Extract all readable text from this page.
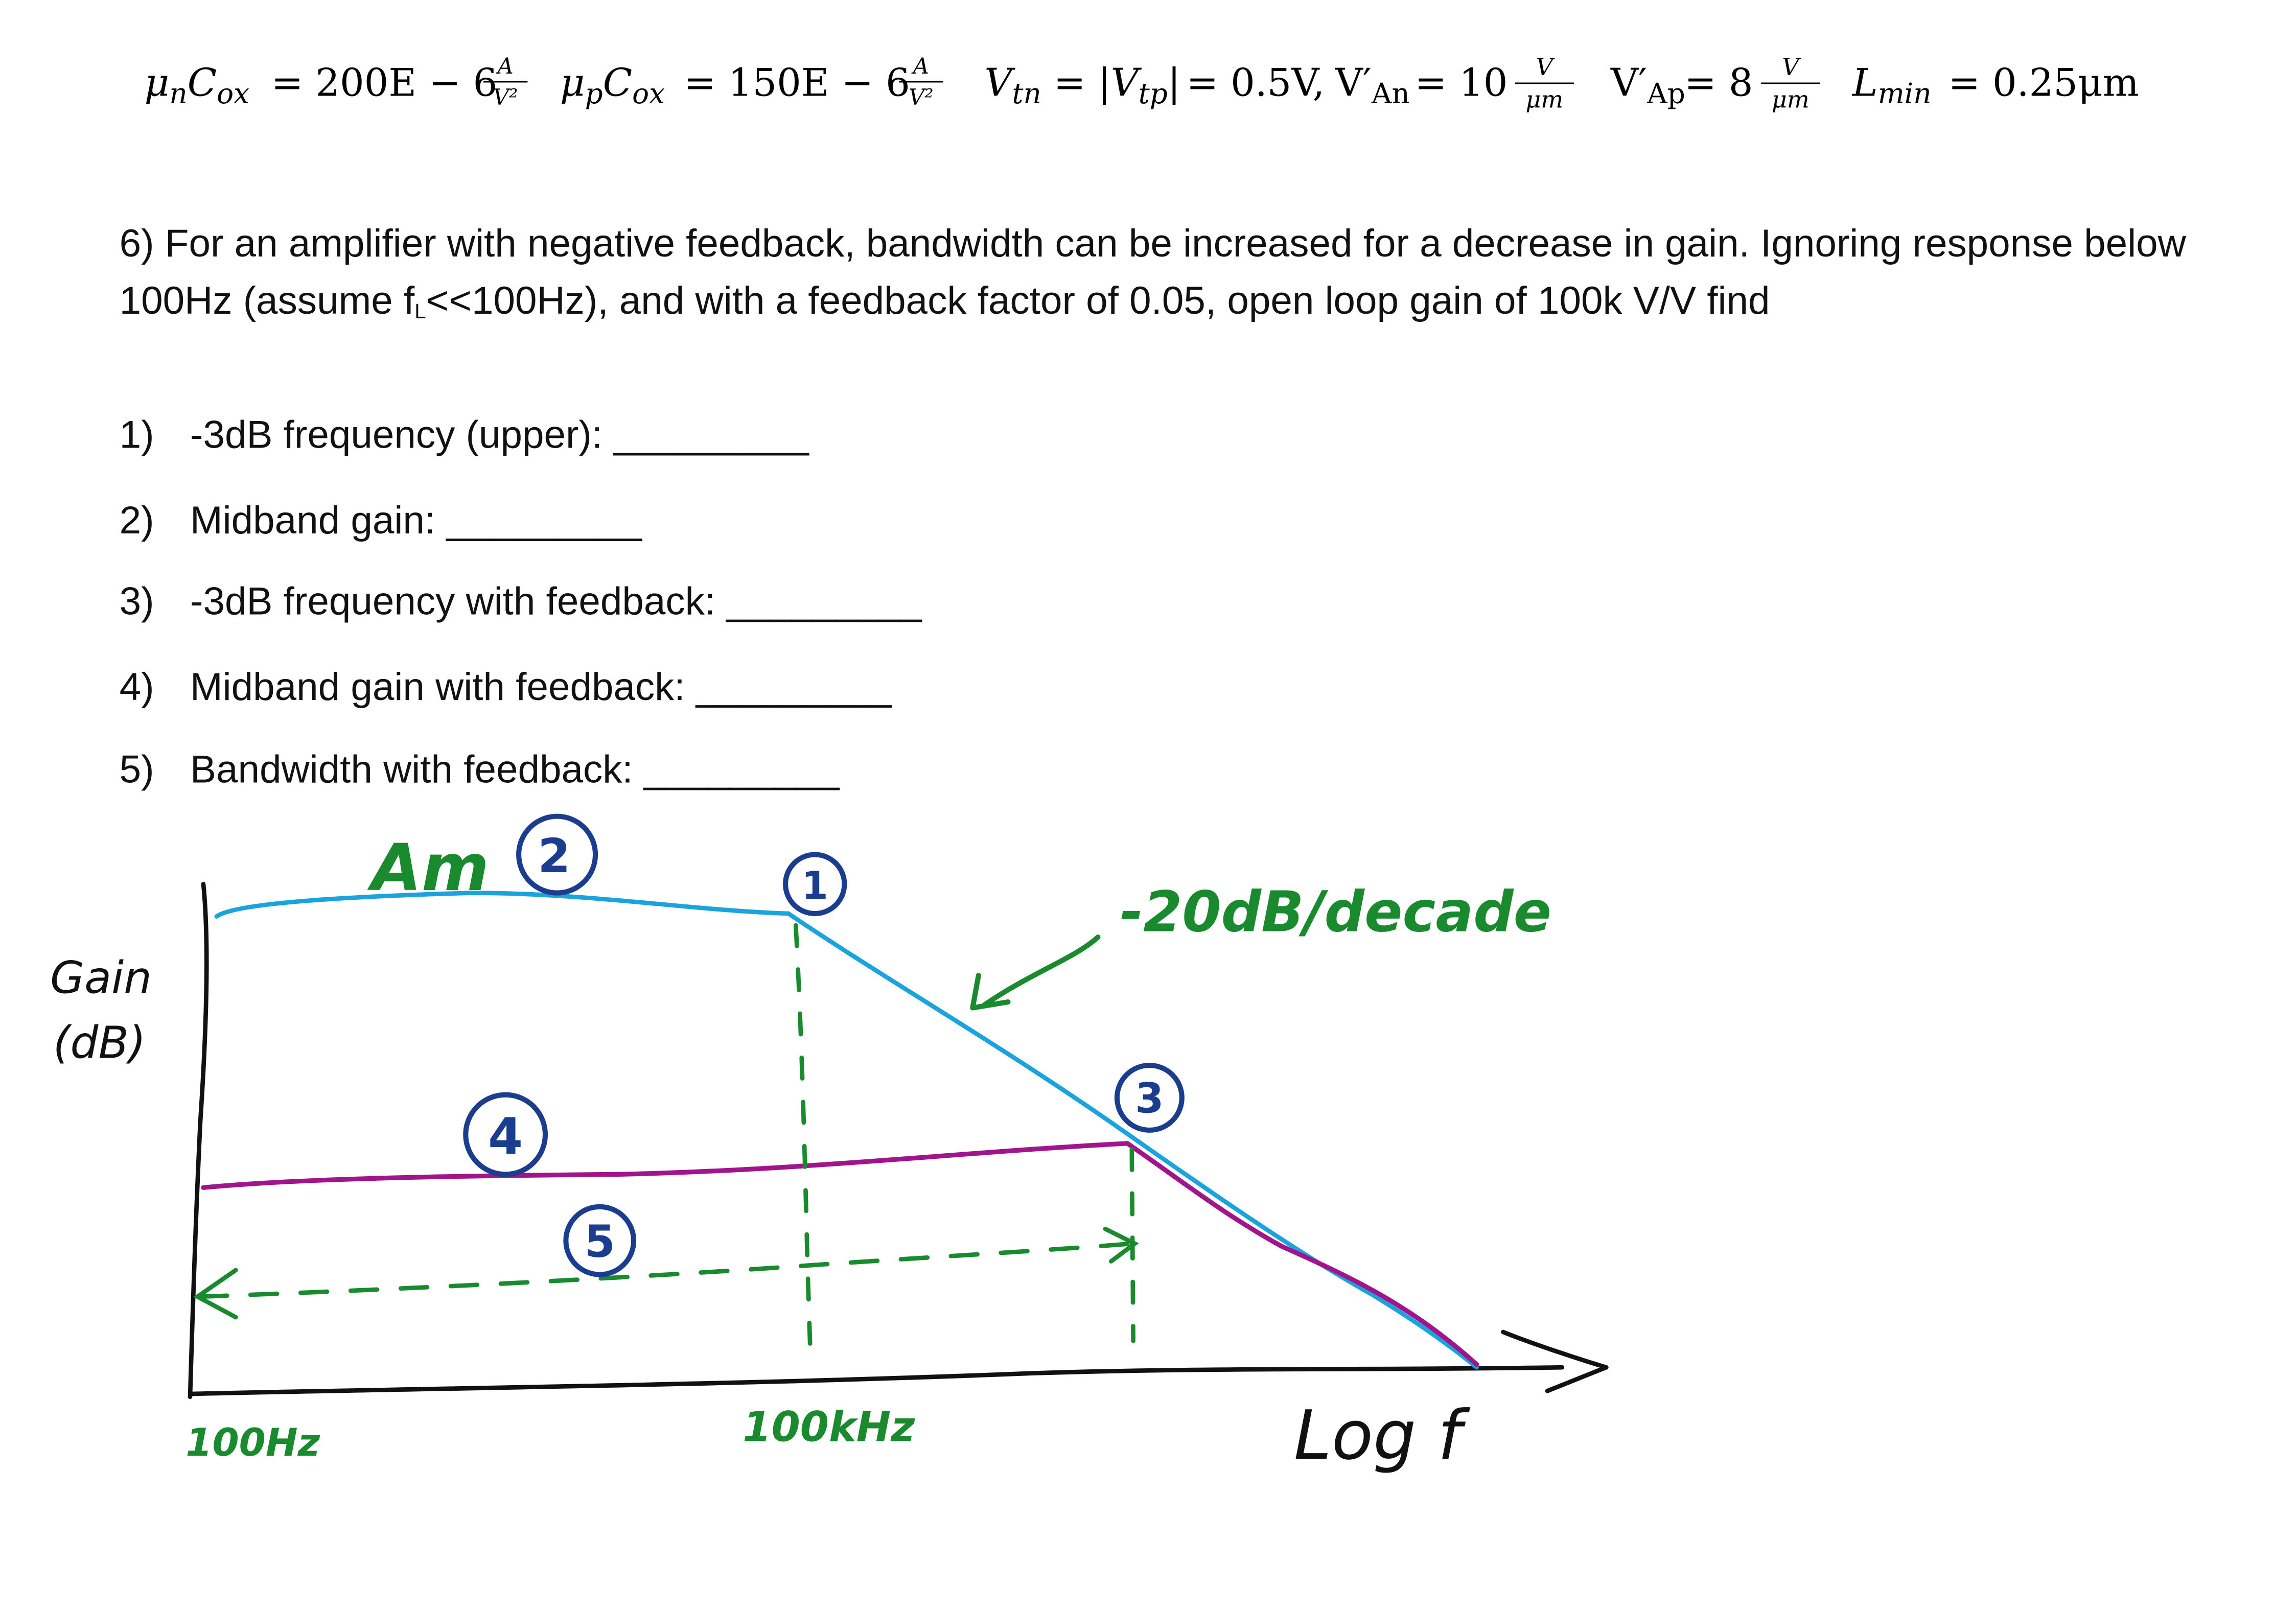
$\mu_nC_{ox} = 200E - 6$
$\frac{A}{\text{V²}} \mu_pC_{ox} = 150E - 6$
$\frac{A}{\text{V²}}$	$V_{tn} = |V_{tp}| = 0.5V$, $V'_{An} = 10 \frac{V}{\mu m}$	$V'_{Ap}$
= $8 \frac{V}{\mu m} L_{min} = 0.25\mu m$
6) For an amplifier with negative feedback, bandwidth can be increased for a decrease in gain. Ignoring response below 100Hz (assume $f_L<<100Hz$), and with a feedback factor of 0.05, open loop gain of 100k V/V find
1)	-3dB frequency (upper): _________
2)	Midband gain: _________
3)	-3dB frequency with feedback: _________
4)	Midband gain with feedback: _________
5)	Bandwidth with feedback: _________
Gain
(dB)
Log f
100Hz	100kHz
Am
-20dB/decade
1
2
3
4
5
